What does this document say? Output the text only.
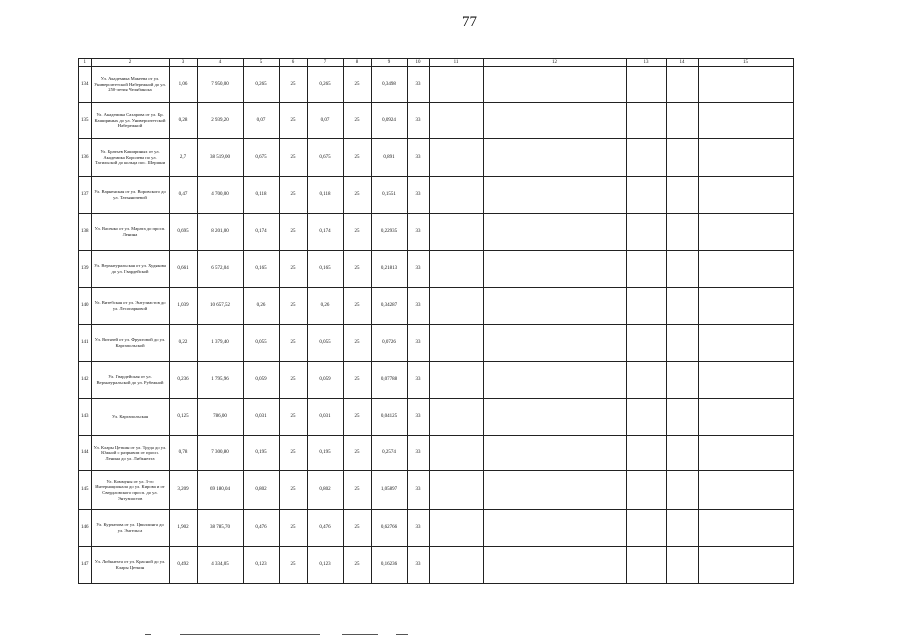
77
1	2	3	4	5	6	7	8	9	10	11	12	13	14	15
134	Ул. Академика Макеева от ул. Университетской Набережной до ул. 250-летия Челябинска	1,06	7 950,00	0,265	25	0,265	25	0,3498	33					
135	Ул. Академика Сахарова от ул. Бр. Кашириных до ул. Университетской Набережной	0,28	2 939,20	0,07	25	0,07	25	0,0924	33					
136	Ул. Братьев Кашириных от ул. Академика Королева по ул. Тагильской до кольца пос. Шершни	2,7	38 519,00	0,675	25	0,675	25	0,891	33					
137	Ул. Варненская от ул. Воровского до ул. Татьяничевой	0,47	4 700,00	0,118	25	0,118	25	0,1551	33					
138	Ул. Васенко от ул. Марата до просп. Ленина	0,695	8 201,00	0,174	25	0,174	25	0,22935	33					
139	Ул. Верхнеуральская от ул. Худякова до ул. Гвардейской	0,661	6 572,04	0,165	25	0,165	25	0,21813	33					
140	Ул. Витебская от ул. Энтузиастов до ул. Лесопарковой	1,039	10 657,52	0,26	25	0,26	25	0,34287	33					
141	Ул. Витязей от ул. Фруктовой до ул. Каргапольской	0,22	1 379,40	0,055	25	0,055	25	0,0726	33					
142	Ул. Гвардейская от ул. Верхнеуральской до ул. Рубежной	0,236	1 795,96	0,059	25	0,059	25	0,07788	33					
143	Ул. Каргапольская	0,125	786,00	0,031	25	0,031	25	0,04125	33					
144	Ул. Клары Цеткин от ул. Труда до ул. Южной с разрывом от просп. Ленина до ул. Либкнехта	0,78	7 300,80	0,195	25	0,195	25	0,2574	33					
145	Ул. Коммуны от ул. 3-го Интернационала до ул. Кирова и от Свердловского просп. до ул. Энтузиастов	3,209	69 180,04	0,802	25	0,802	25	1,05897	33					
146	Ул. Курчатова от ул. Цвиллинга до ул. Энгельса	1,902	38 785,70	0,476	25	0,476	25	0,62766	33					
147	Ул. Либкнехта от ул. Красной до ул. Клары Цеткин	0,492	4 334,05	0,123	25	0,123	25	0,16236	33					
